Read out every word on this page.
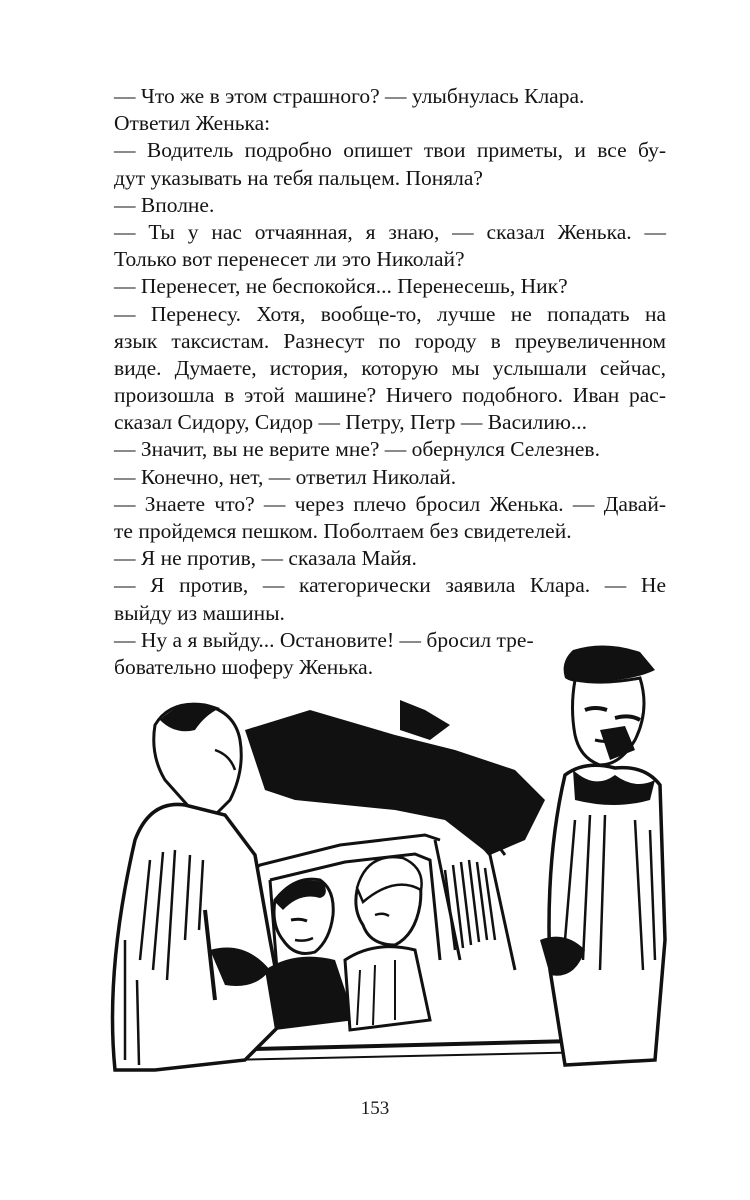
— Что же в этом страшного? — улыбнулась Клара.
Ответил Женька:
— Водитель подробно опишет твои приметы, и все бу-
дут указывать на тебя пальцем. Поняла?
— Вполне.
— Ты у нас отчаянная, я знаю, — сказал Женька. —
Только вот перенесет ли это Николай?
— Перенесет, не беспокойся... Перенесешь, Ник?
— Перенесу. Хотя, вообще-то, лучше не попадать на
язык таксистам. Разнесут по городу в преувеличенном
виде. Думаете, история, которую мы услышали сейчас,
произошла в этой машине? Ничего подобного. Иван рас-
сказал Сидору, Сидор — Петру, Петр — Василию...
— Значит, вы не верите мне? — обернулся Селезнев.
— Конечно, нет, — ответил Николай.
— Знаете что? — через плечо бросил Женька. — Давай-
те пройдемся пешком. Поболтаем без свидетелей.
— Я не против, — сказала Майя.
— Я против, — категорически заявила Клара. — Не
выйду из машины.
— Ну а я выйду... Остановите! — бросил тре-
бовательно шоферу Женька.
153
